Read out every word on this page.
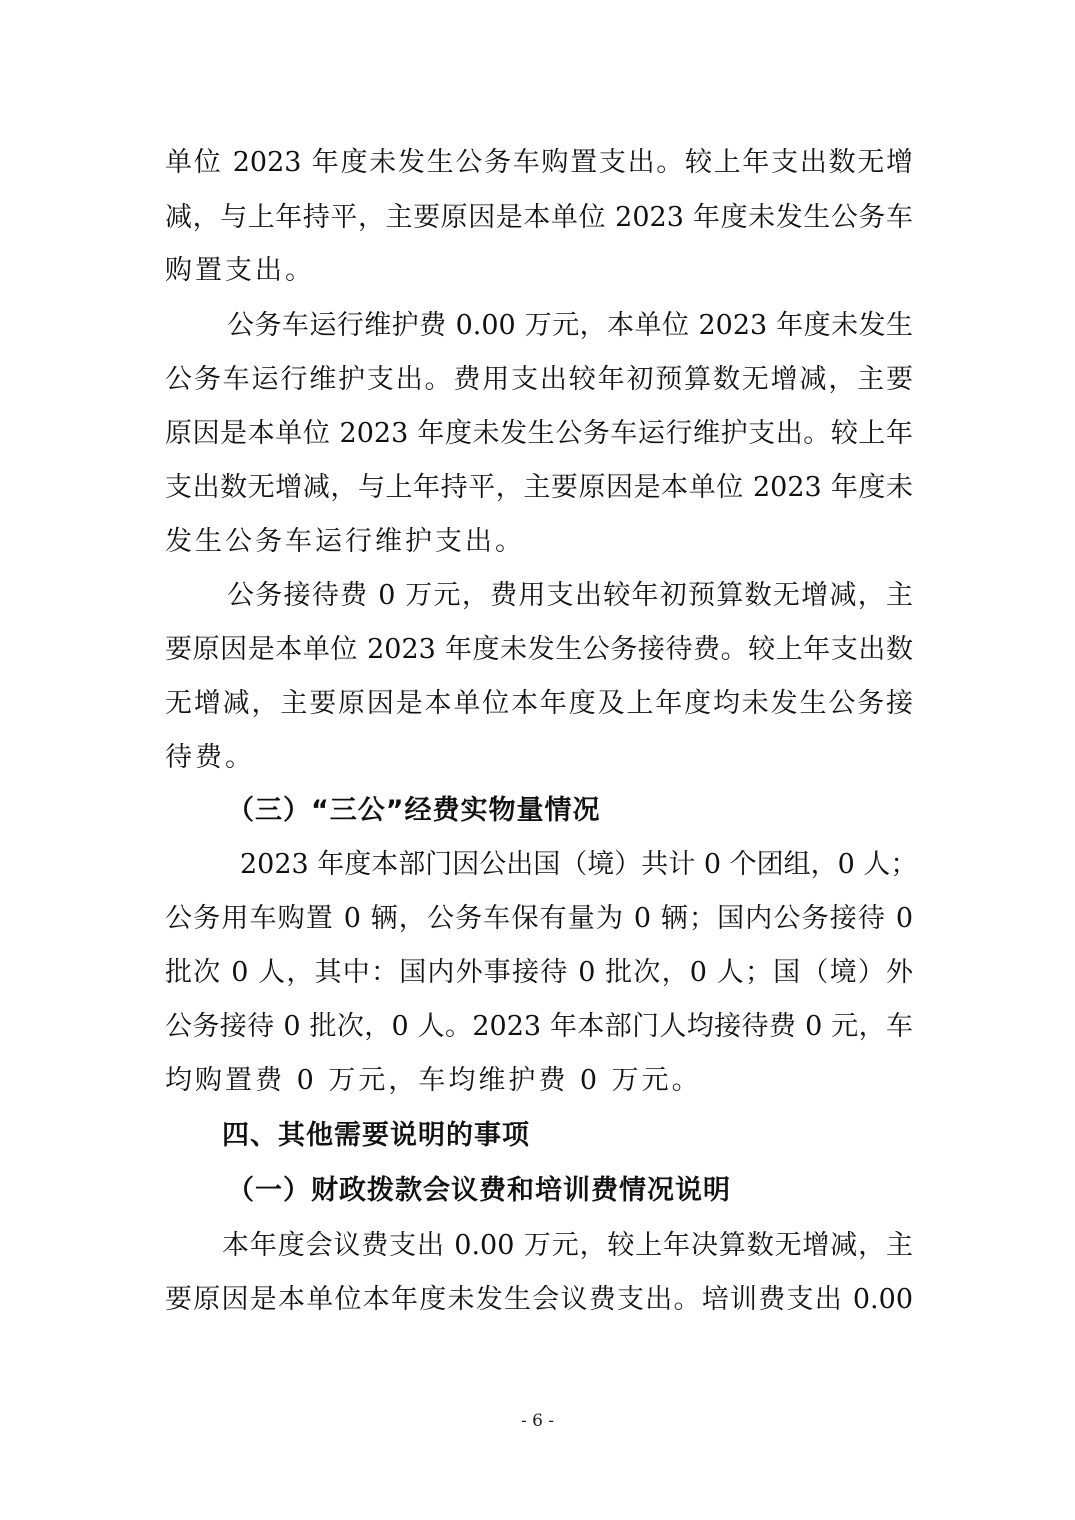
单位 2023 年度未发生公务车购置支出。较上年支出数无增
减，与上年持平，主要原因是本单位 2023 年度未发生公务车
购置支出。
公务车运行维护费 0.00 万元，本单位 2023 年度未发生
公务车运行维护支出。费用支出较年初预算数无增减，主要
原因是本单位 2023 年度未发生公务车运行维护支出。较上年
支出数无增减，与上年持平，主要原因是本单位 2023 年度未
发生公务车运行维护支出。
公务接待费 0 万元，费用支出较年初预算数无增减，主
要原因是本单位 2023 年度未发生公务接待费。较上年支出数
无增减，主要原因是本单位本年度及上年度均未发生公务接
待费。
（三）“三公”经费实物量情况
2023 年度本部门因公出国（境）共计 0 个团组，0 人；
公务用车购置 0 辆，公务车保有量为 0 辆；国内公务接待 0
批次 0 人，其中：国内外事接待 0 批次，0 人；国（境）外
公务接待 0 批次，0 人。2023 年本部门人均接待费 0 元，车
均购置费 0 万元，车均维护费 0 万元。
四、其他需要说明的事项
（一）财政拨款会议费和培训费情况说明
本年度会议费支出 0.00 万元，较上年决算数无增减，主
要原因是本单位本年度未发生会议费支出。培训费支出 0.00
- 6 -
